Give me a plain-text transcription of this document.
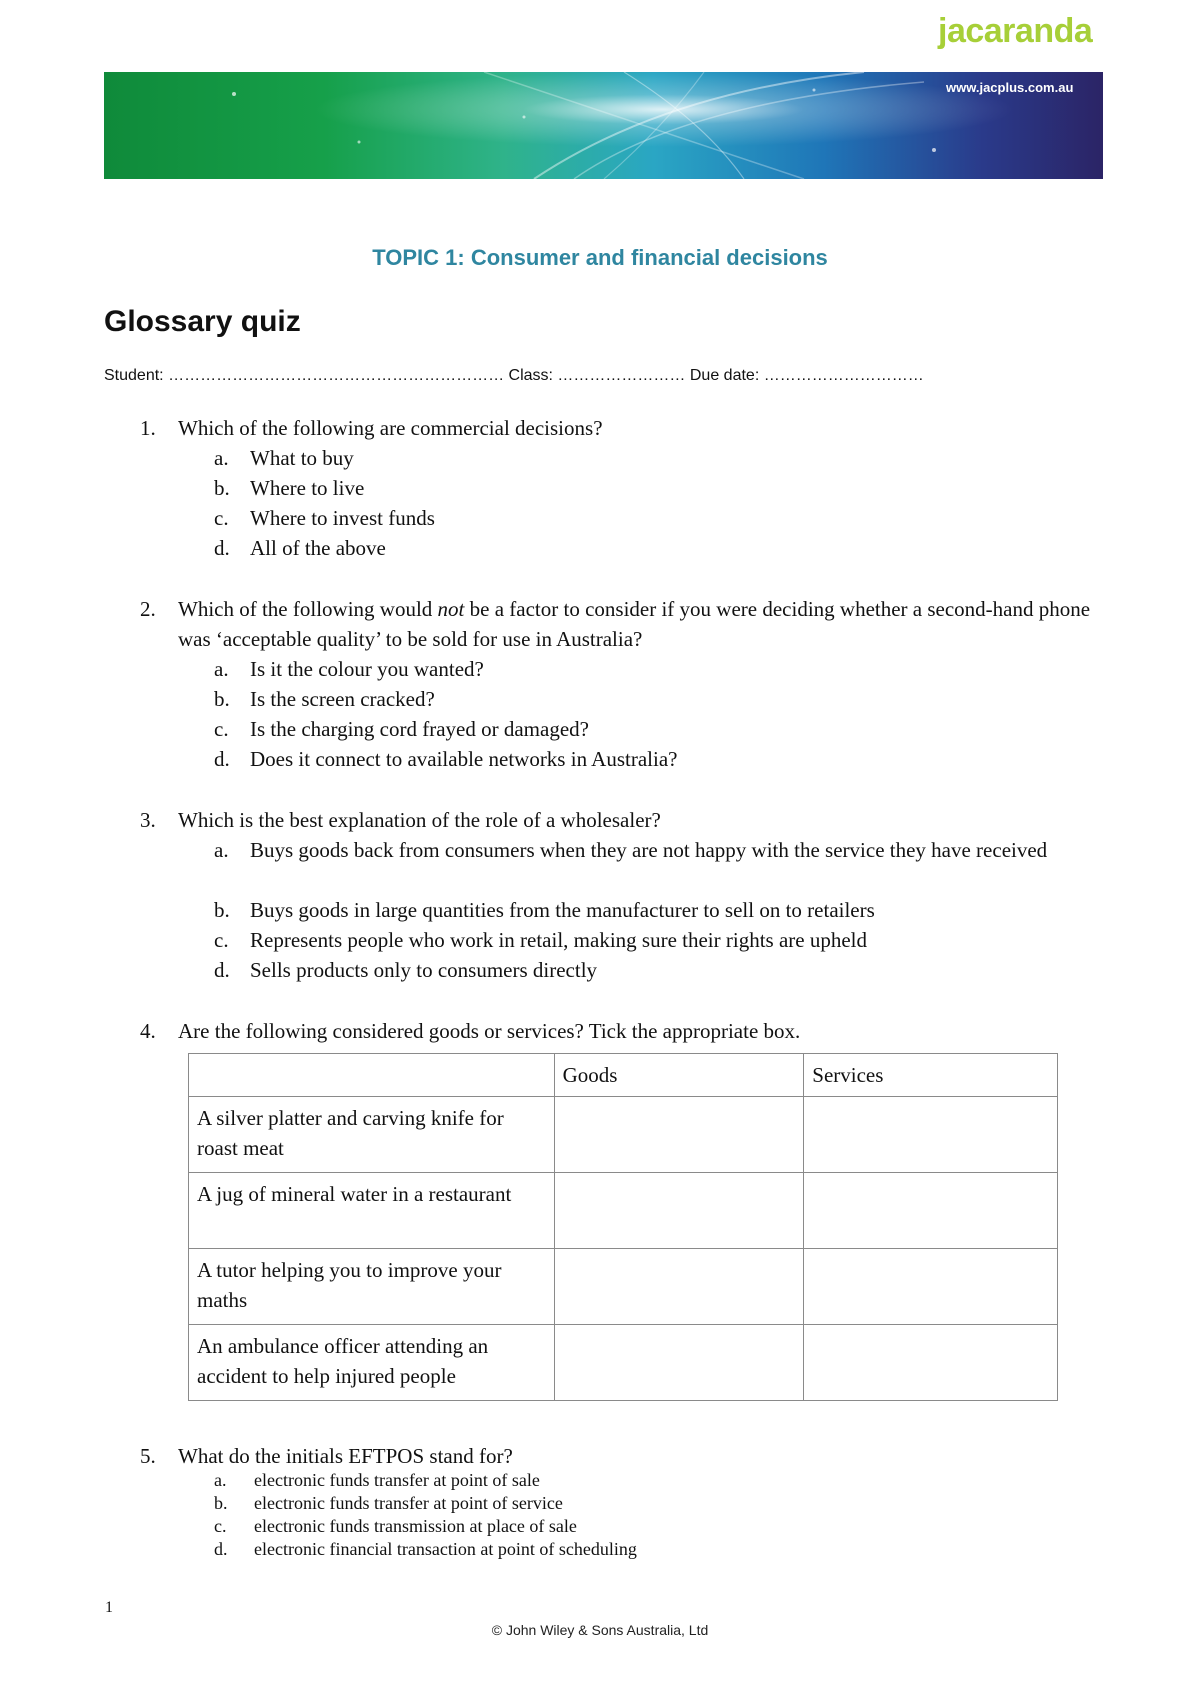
jacaranda
A Wiley Brand
www.jacplus.com.au
TOPIC 1: Consumer and financial decisions
Glossary quiz
Student: ……………………………………………………… Class: …………………… Due date: …………………………
1.	Which of the following are commercial decisions?
a.	What to buy
b. Where to live
c.	Where to invest funds
d. All of the above
2.	Which of the following would not be a factor to consider if you were deciding whether a second-hand phone was ‘acceptable quality’ to be sold for use in Australia?
a.	Is it the colour you wanted?
b. Is the screen cracked?
c.	Is the charging cord frayed or damaged?
d. Does it connect to available networks in Australia?
3.	Which is the best explanation of the role of a wholesaler?
a.	Buys goods back from consumers when they are not happy with the service they have received
b. Buys goods in large quantities from the manufacturer to sell on to retailers
c.	Represents people who work in retail, making sure their rights are upheld
d. Sells products only to consumers directly
4.	Are the following considered goods or services? Tick the appropriate box.
	Goods	Services
A silver platter and carving knife for roast meat		
A jug of mineral water in a restaurant		
A tutor helping you to improve your maths		
An ambulance officer attending an accident to help injured people		
5.	What do the initials EFTPOS stand for?
a.	electronic funds transfer at point of sale
b.	electronic funds transfer at point of service
c.	electronic funds transmission at place of sale
d.	electronic financial transaction at point of scheduling
1
© John Wiley & Sons Australia, Ltd
